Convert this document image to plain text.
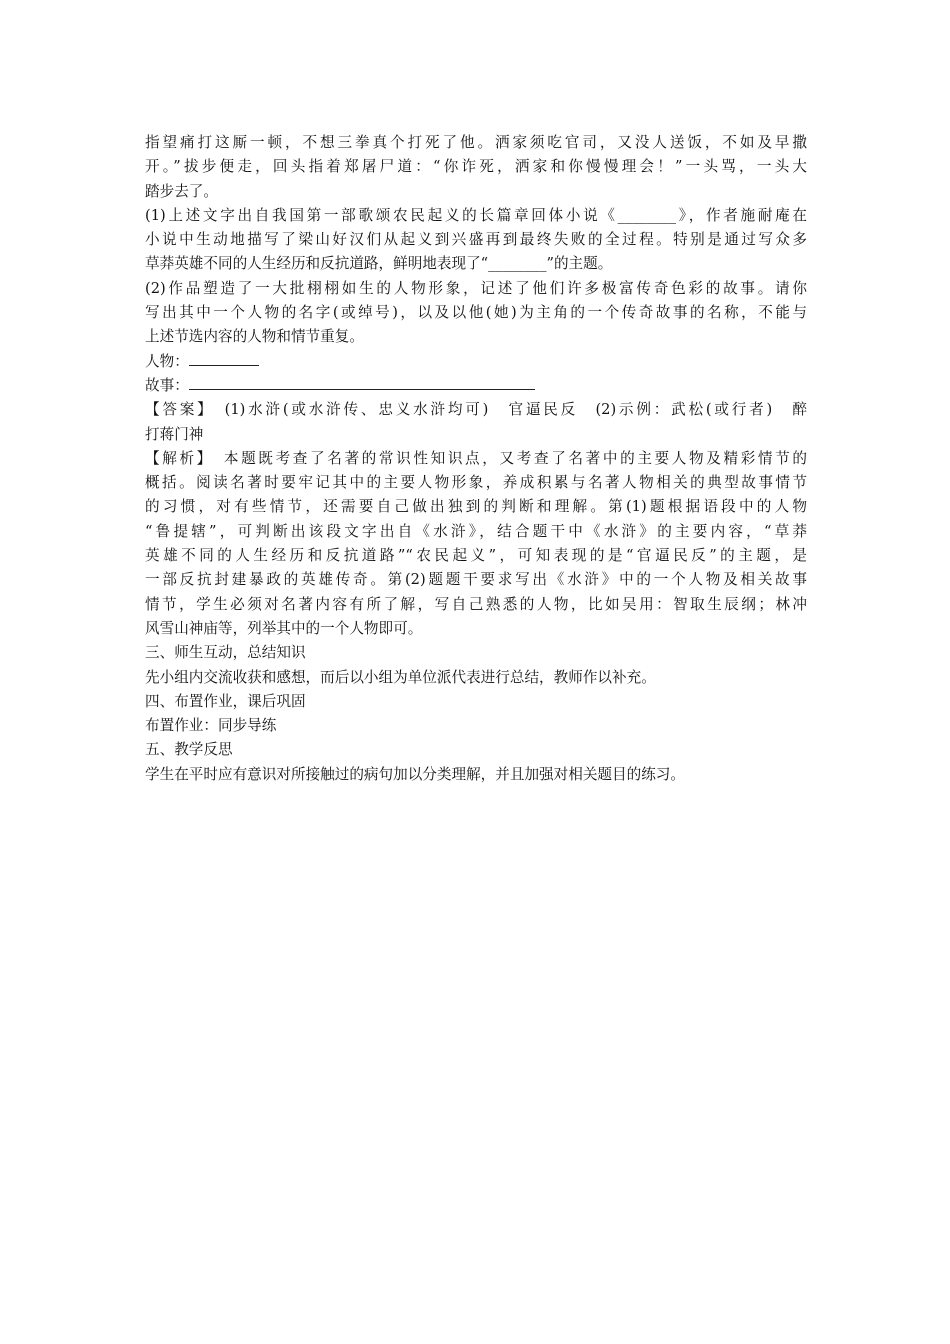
指望痛打这厮一顿，不想三拳真个打死了他。洒家须吃官司，又没人送饭，不如及早撒
开。”拔步便走，回头指着郑屠尸道：“你诈死，洒家和你慢慢理会！”一头骂，一头大
踏步去了。
(1)上述文字出自我国第一部歌颂农民起义的长篇章回体小说《________》，作者施耐庵在
小说中生动地描写了梁山好汉们从起义到兴盛再到最终失败的全过程。特别是通过写众多
草莽英雄不同的人生经历和反抗道路，鲜明地表现了“________”的主题。
(2)作品塑造了一大批栩栩如生的人物形象，记述了他们许多极富传奇色彩的故事。请你
写出其中一个人物的名字(或绰号)，以及以他(她)为主角的一个传奇故事的名称，不能与
上述节选内容的人物和情节重复。
人物：
故事：
【答案】　(1)水浒(或水浒传、忠义水浒均可)　官逼民反　(2)示例：武松(或行者)　醉
打蒋门神
【解析】　本题既考查了名著的常识性知识点，又考查了名著中的主要人物及精彩情节的
概括。阅读名著时要牢记其中的主要人物形象，养成积累与名著人物相关的典型故事情节
的习惯，对有些情节，还需要自己做出独到的判断和理解。第(1)题根据语段中的人物
“鲁提辖”，可判断出该段文字出自《水浒》，结合题干中《水浒》的主要内容，“草莽
英雄不同的人生经历和反抗道路”“农民起义”，可知表现的是“官逼民反”的主题，是
一部反抗封建暴政的英雄传奇。第(2)题题干要求写出《水浒》中的一个人物及相关故事
情节，学生必须对名著内容有所了解，写自己熟悉的人物，比如吴用：智取生辰纲；林冲
风雪山神庙等，列举其中的一个人物即可。
三、师生互动，总结知识
先小组内交流收获和感想，而后以小组为单位派代表进行总结，教师作以补充。
四、布置作业，课后巩固
布置作业：同步导练
五、教学反思
学生在平时应有意识对所接触过的病句加以分类理解，并且加强对相关题目的练习。
